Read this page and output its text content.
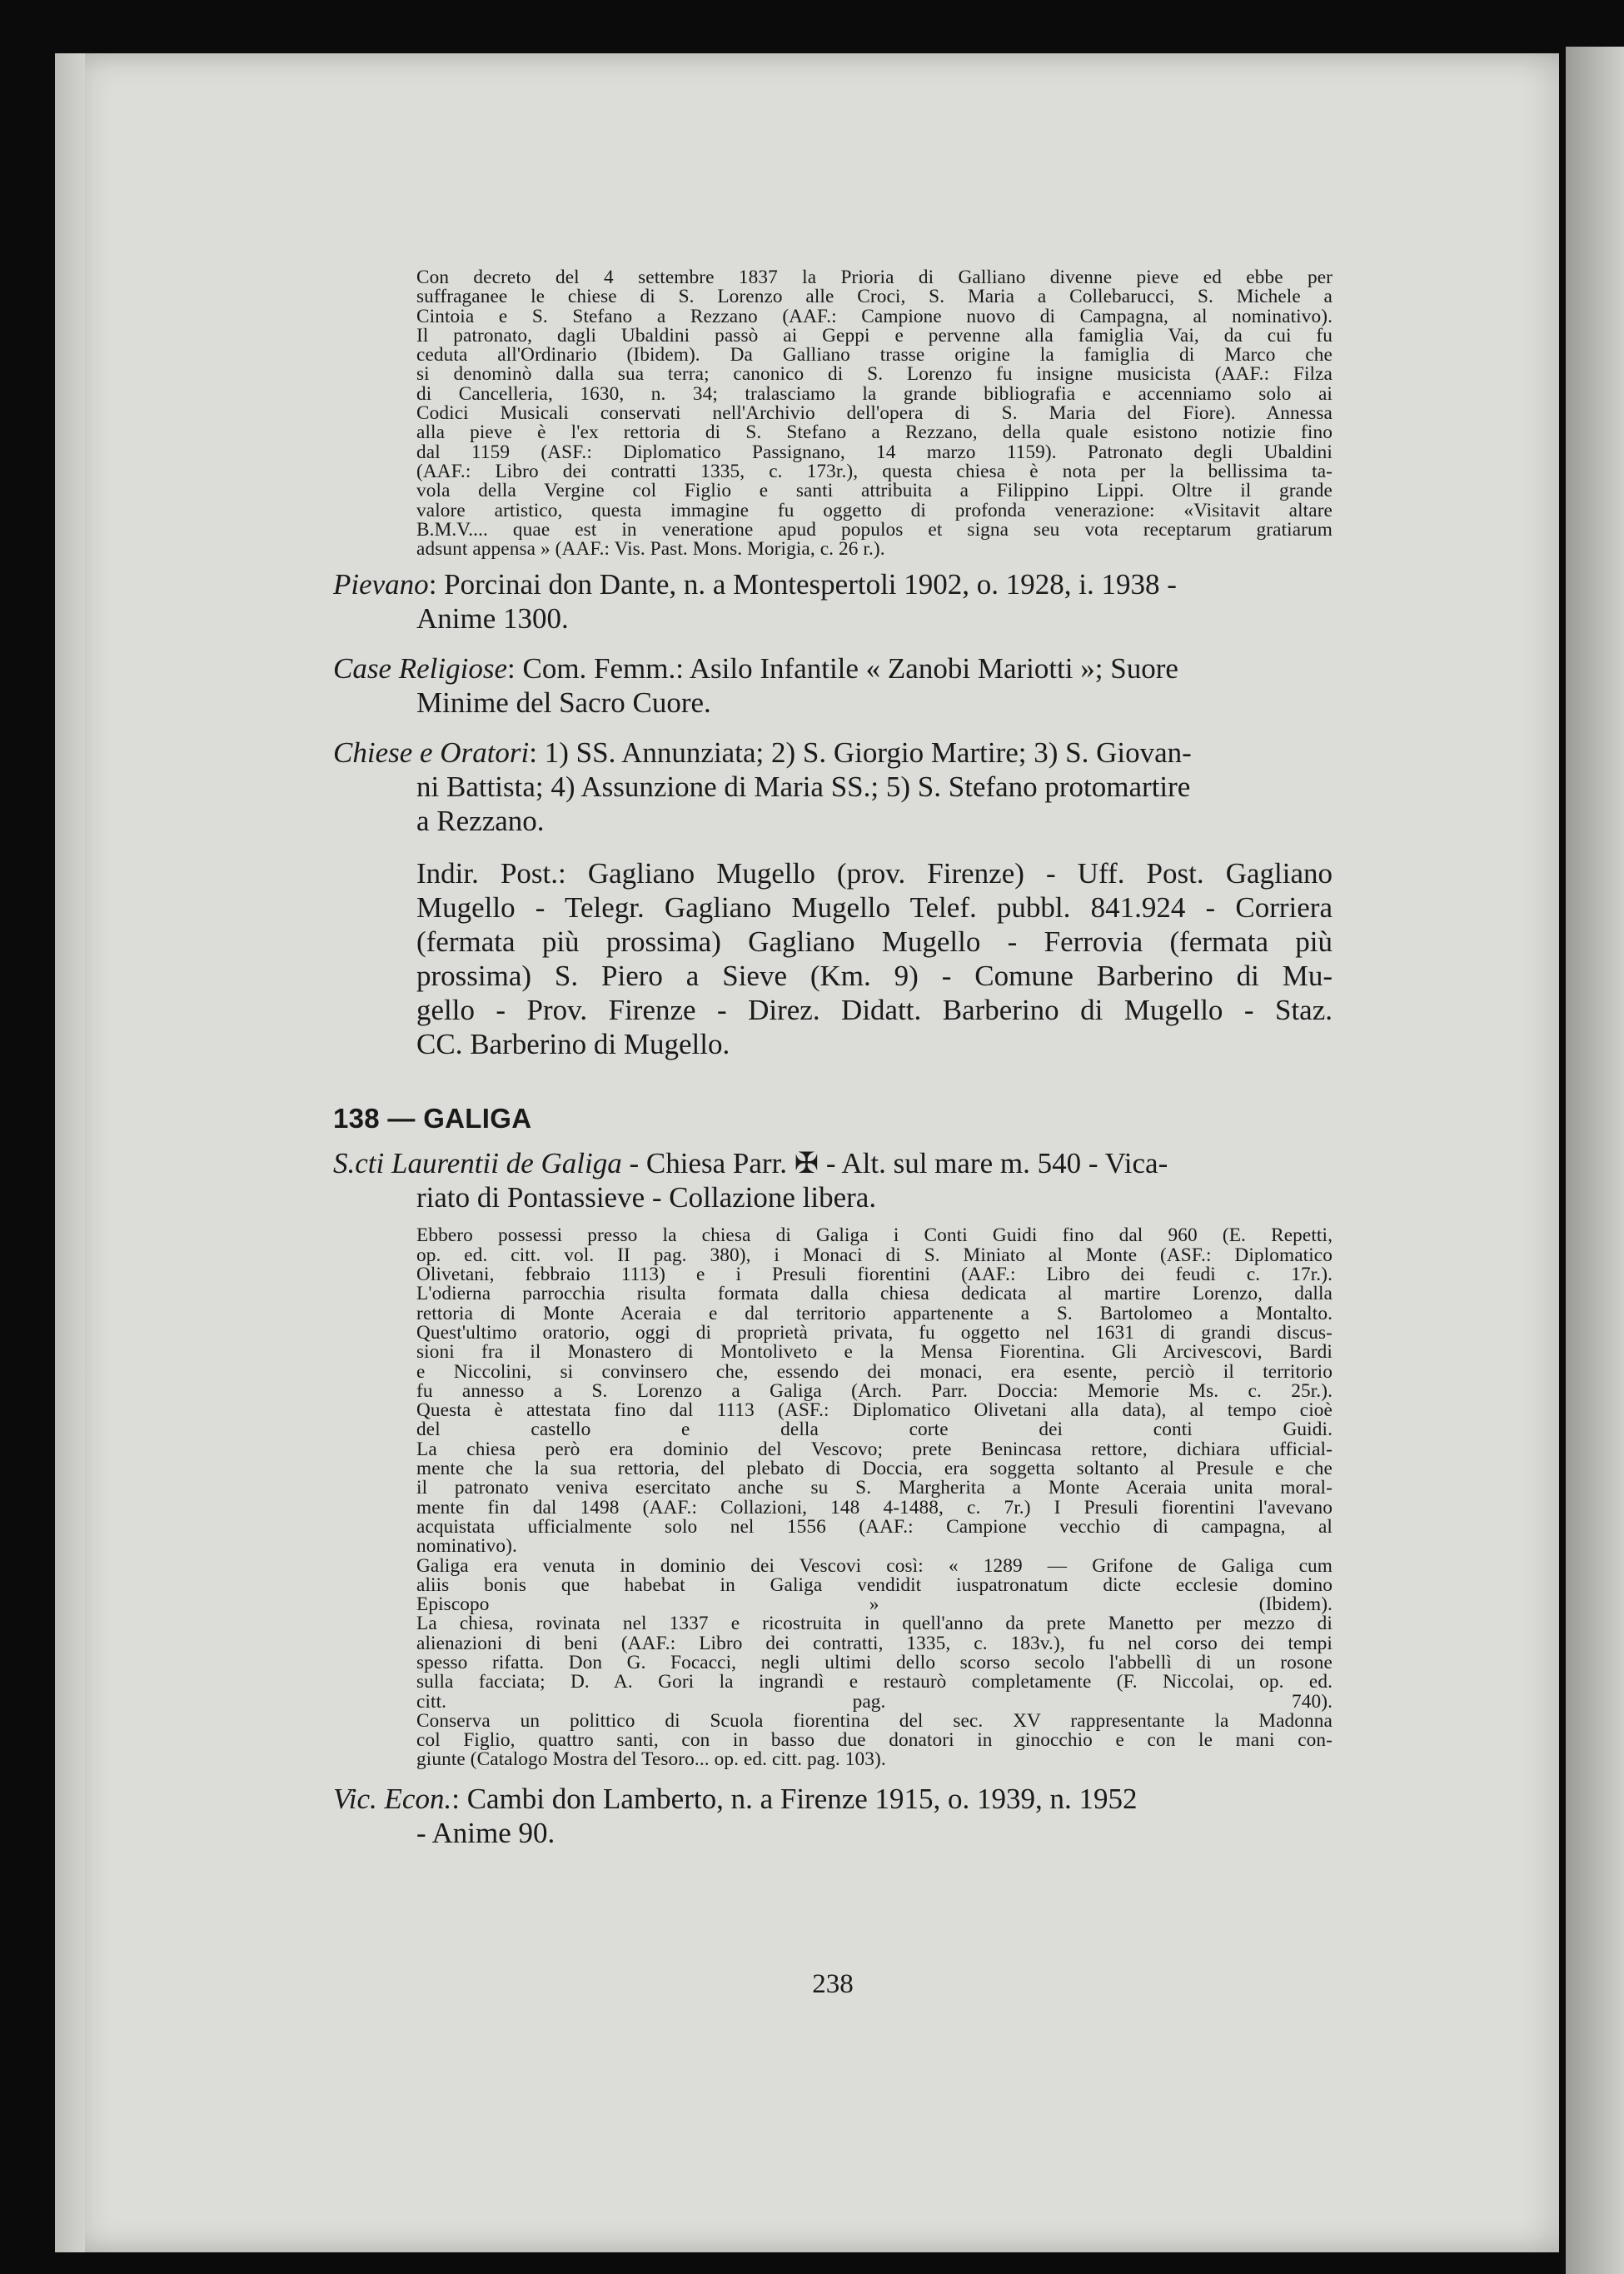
Con decreto del 4 settembre 1837 la Prioria di Galliano divenne pieve ed ebbe per
suffraganee le chiese di S. Lorenzo alle Croci, S. Maria a Collebarucci, S. Michele a
Cintoia e S. Stefano a Rezzano (AAF.: Campione nuovo di Campagna, al nominativo).
Il patronato, dagli Ubaldini passò ai Geppi e pervenne alla famiglia Vai, da cui fu
ceduta all'Ordinario (Ibidem). Da Galliano trasse origine la famiglia di Marco che
si denominò dalla sua terra; canonico di S. Lorenzo fu insigne musicista (AAF.: Filza
di Cancelleria, 1630, n. 34; tralasciamo la grande bibliografia e accenniamo solo ai
Codici Musicali conservati nell'Archivio dell'opera di S. Maria del Fiore). Annessa
alla pieve è l'ex rettoria di S. Stefano a Rezzano, della quale esistono notizie fino
dal 1159 (ASF.: Diplomatico Passignano, 14 marzo 1159). Patronato degli Ubaldini
(AAF.: Libro dei contratti 1335, c. 173r.), questa chiesa è nota per la bellissima ta-
vola della Vergine col Figlio e santi attribuita a Filippino Lippi. Oltre il grande
valore artistico, questa immagine fu oggetto di profonda venerazione: «Visitavit altare
B.M.V.... quae est in veneratione apud populos et signa seu vota receptarum gratiarum
adsunt appensa » (AAF.: Vis. Past. Mons. Morigia, c. 26 r.).

Pievano: Porcinai don Dante, n. a Montespertoli 1902, o. 1928, i. 1938 -
Anime 1300.

Case Religiose: Com. Femm.: Asilo Infantile « Zanobi Mariotti »; Suore
Minime del Sacro Cuore.

Chiese e Oratori: 1) SS. Annunziata; 2) S. Giorgio Martire; 3) S. Giovan-
ni Battista; 4) Assunzione di Maria SS.; 5) S. Stefano protomartire
a Rezzano.

Indir. Post.: Gagliano Mugello (prov. Firenze) - Uff. Post. Gagliano
Mugello - Telegr. Gagliano Mugello Telef. pubbl. 841.924 - Corriera
(fermata più prossima) Gagliano Mugello - Ferrovia (fermata più
prossima) S. Piero a Sieve (Km. 9) - Comune Barberino di Mu-
gello - Prov. Firenze - Direz. Didatt. Barberino di Mugello - Staz.
CC. Barberino di Mugello.

138 — GALIGA

S.cti Laurentii de Galiga - Chiesa Parr. ✠ - Alt. sul mare m. 540 - Vica-
riato di Pontassieve - Collazione libera.

Ebbero possessi presso la chiesa di Galiga i Conti Guidi fino dal 960 (E. Repetti,
op. ed. citt. vol. II pag. 380), i Monaci di S. Miniato al Monte (ASF.: Diplomatico
Olivetani, febbraio 1113) e i Presuli fiorentini (AAF.: Libro dei feudi c. 17r.).
L'odierna parrocchia risulta formata dalla chiesa dedicata al martire Lorenzo, dalla
rettoria di Monte Aceraia e dal territorio appartenente a S. Bartolomeo a Montalto.
Quest'ultimo oratorio, oggi di proprietà privata, fu oggetto nel 1631 di grandi discus-
sioni fra il Monastero di Montoliveto e la Mensa Fiorentina. Gli Arcivescovi, Bardi
e Niccolini, si convinsero che, essendo dei monaci, era esente, perciò il territorio
fu annesso a S. Lorenzo a Galiga (Arch. Parr. Doccia: Memorie Ms. c. 25r.).
Questa è attestata fino dal 1113 (ASF.: Diplomatico Olivetani alla data), al tempo cioè
del castello e della corte dei conti Guidi.
La chiesa però era dominio del Vescovo; prete Benincasa rettore, dichiara ufficial-
mente che la sua rettoria, del plebato di Doccia, era soggetta soltanto al Presule e che
il patronato veniva esercitato anche su S. Margherita a Monte Aceraia unita moral-
mente fin dal 1498 (AAF.: Collazioni, 148 4-1488, c. 7r.) I Presuli fiorentini l'avevano
acquistata ufficialmente solo nel 1556 (AAF.: Campione vecchio di campagna, al
nominativo).
Galiga era venuta in dominio dei Vescovi così: « 1289 — Grifone de Galiga cum
aliis bonis que habebat in Galiga vendidit iuspatronatum dicte ecclesie domino
Episcopo » (Ibidem).
La chiesa, rovinata nel 1337 e ricostruita in quell'anno da prete Manetto per mezzo di
alienazioni di beni (AAF.: Libro dei contratti, 1335, c. 183v.), fu nel corso dei tempi
spesso rifatta. Don G. Focacci, negli ultimi dello scorso secolo l'abbellì di un rosone
sulla facciata; D. A. Gori la ingrandì e restaurò completamente (F. Niccolai, op. ed.
citt. pag. 740).
Conserva un polittico di Scuola fiorentina del sec. XV rappresentante la Madonna
col Figlio, quattro santi, con in basso due donatori in ginocchio e con le mani con-
giunte (Catalogo Mostra del Tesoro... op. ed. citt. pag. 103).

Vic. Econ.: Cambi don Lamberto, n. a Firenze 1915, o. 1939, n. 1952
- Anime 90.

238
